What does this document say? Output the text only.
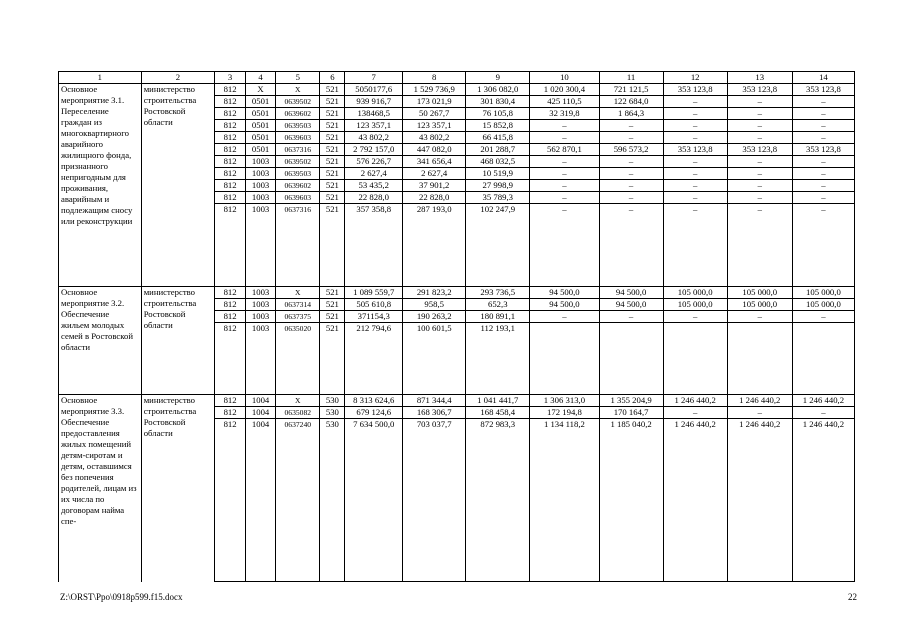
1	2	3	4	5	6	7	8	9	10	11	12	13	14
Основное мероприятие 3.1. Переселение граждан из многоквартирного аварийного жилищного фонда, признанного непригодным для проживания, аварийным и подлежащим сносу или реконструкции	министерство строительства Ростовской области	812	X	X	521	5050177,6	1 529 736,9	1 306 082,0	1 020 300,4	721 121,5	353 123,8	353 123,8	353 123,8
		812	0501	0639502	521	939 916,7	173 021,9	301 830,4	425 110,5	122 684,0	–	–	–
		812	0501	0639602	521	138468,5	50 267,7	76 105,8	32 319,8	1 864,3	–	–	–
		812	0501	0639503	521	123 357,1	123 357,1	15 852,8	–	–	–	–	–
		812	0501	0639603	521	43 802,2	43 802,2	66 415,8	–	–	–	–	–
		812	0501	0637316	521	2 792 157,0	447 082,0	201 288,7	562 870,1	596 573,2	353 123,8	353 123,8	353 123,8
		812	1003	0639502	521	576 226,7	341 656,4	468 032,5	–	–	–	–	–
		812	1003	0639503	521	2 627,4	2 627,4	10 519,9	–	–	–	–	–
		812	1003	0639602	521	53 435,2	37 901,2	27 998,9	–	–	–	–	–
		812	1003	0639603	521	22 828,0	22 828,0	35 789,3	–	–	–	–	–
		812	1003	0637316	521	357 358,8	287 193,0	102 247,9	–	–	–	–	–
Основное мероприятие 3.2. Обеспечение жильем молодых семей в Ростовской области	министерство строительства Ростовской области	812	1003	X	521	1 089 559,7	291 823,2	293 736,5	94 500,0	94 500,0	105 000,0	105 000,0	105 000,0
		812	1003	0637314	521	505 610,8	958,5	652,3	94 500,0	94 500,0	105 000,0	105 000,0	105 000,0
		812	1003	0637375	521	371154,3	190 263,2	180 891,1	–	–	–	–	–
		812	1003	0635020	521	212 794,6	100 601,5	112 193,1					
Основное мероприятие 3.3. Обеспечение предоставления жилых помещений детям-сиротам и детям, оставшимся без попечения родителей, лицам из их числа по договорам найма спе-	министерство строительства Ростовской области	812	1004	X	530	8 313 624,6	871 344,4	1 041 441,7	1 306 313,0	1 355 204,9	1 246 440,2	1 246 440,2	1 246 440,2
		812	1004	0635082	530	679 124,6	168 306,7	168 458,4	172 194,8	170 164,7	–	–	–
		812	1004	0637240	530	7 634 500,0	703 037,7	872 983,3	1 134 118,2	1 185 040,2	1 246 440,2	1 246 440,2	1 246 440,2
Z:\ORST\Ppo\0918p599.f15.docx	22
